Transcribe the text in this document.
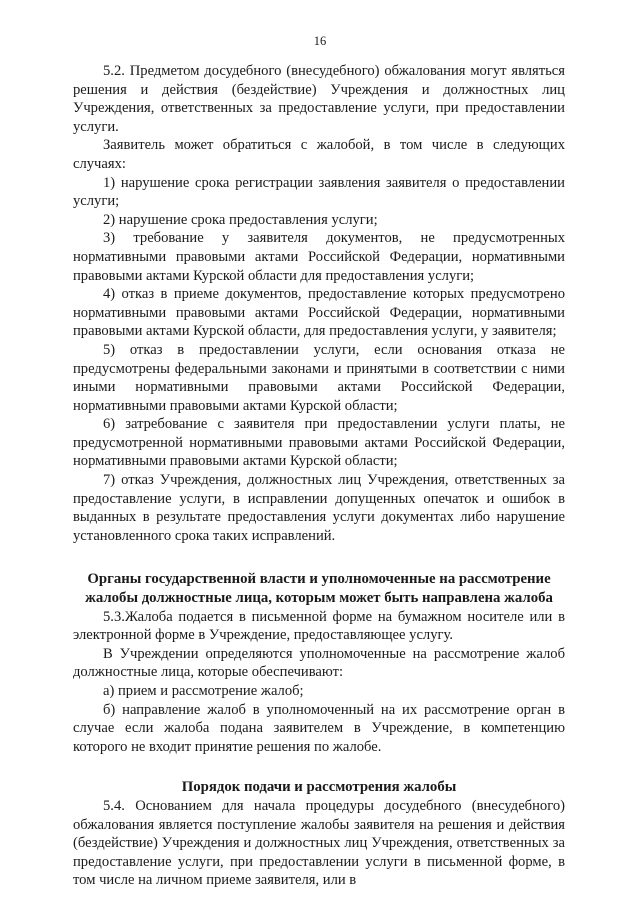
16

5.2. Предметом досудебного (внесудебного) обжалования могут являться решения и действия (бездействие) Учреждения и должностных лиц Учреждения, ответственных за предоставление услуги, при предоставлении услуги.

Заявитель может обратиться с жалобой, в том числе в следующих случаях:

1) нарушение срока регистрации заявления заявителя о предоставлении услуги;

2) нарушение срока предоставления услуги;

3) требование у заявителя документов, не предусмотренных нормативными правовыми актами Российской Федерации, нормативными правовыми актами Курской области для предоставления услуги;

4) отказ в приеме документов, предоставление которых предусмотрено нормативными правовыми актами Российской Федерации, нормативными правовыми актами Курской области, для предоставления услуги, у заявителя;

5) отказ в предоставлении услуги, если основания отказа не предусмотрены федеральными законами и принятыми в соответствии с ними иными нормативными правовыми актами Российской Федерации, нормативными правовыми актами Курской области;

6) затребование с заявителя при предоставлении услуги платы, не предусмотренной нормативными правовыми актами Российской Федерации, нормативными правовыми актами Курской области;

7) отказ Учреждения, должностных лиц Учреждения, ответственных за предоставление услуги, в исправлении допущенных опечаток и ошибок в выданных в результате предоставления услуги документах либо нарушение установленного срока таких исправлений.

Органы государственной власти и уполномоченные на рассмотрение
жалобы должностные лица, которым может быть направлена жалоба

5.3.Жалоба подается в письменной форме на бумажном носителе или в электронной форме в Учреждение, предоставляющее услугу.

В Учреждении определяются уполномоченные на рассмотрение жалоб должностные лица, которые обеспечивают:

а) прием и рассмотрение жалоб;

б) направление жалоб в уполномоченный на их рассмотрение орган в случае если жалоба подана заявителем в Учреждение, в компетенцию которого не входит принятие решения по жалобе.

Порядок подачи и рассмотрения жалобы

5.4. Основанием для начала процедуры досудебного (внесудебного) обжалования является поступление жалобы заявителя на решения и действия (бездействие) Учреждения и должностных лиц Учреждения, ответственных за предоставление услуги, при предоставлении услуги в письменной форме, в том числе на личном приеме заявителя, или в
